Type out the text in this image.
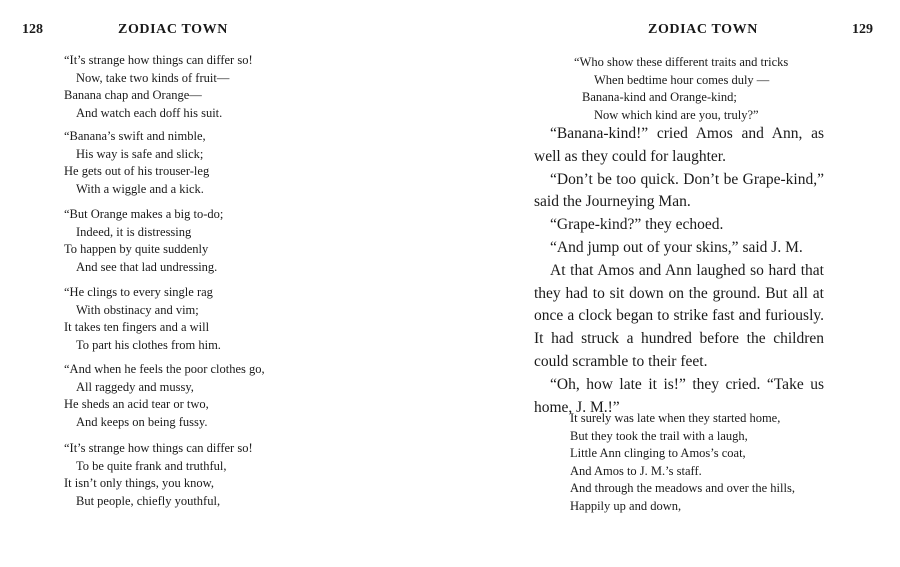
128	ZODIAC TOWN
“It’s strange how things can differ so!
Now, take two kinds of fruit—
Banana chap and Orange—
And watch each doff his suit.
“Banana’s swift and nimble,
His way is safe and slick;
He gets out of his trouser-leg
With a wiggle and a kick.
“But Orange makes a big to-do;
Indeed, it is distressing
To happen by quite suddenly
And see that lad undressing.
“He clings to every single rag
With obstinacy and vim;
It takes ten fingers and a will
To part his clothes from him.
“And when he feels the poor clothes go,
All raggedy and mussy,
He sheds an acid tear or two,
And keeps on being fussy.
“It’s strange how things can differ so!
To be quite frank and truthful,
It isn’t only things, you know,
But people, chiefly youthful,
ZODIAC TOWN	129
“Who show these different traits and tricks
When bedtime hour comes duly —
Banana-kind and Orange-kind;
Now which kind are you, truly?”
“Banana-kind!” cried Amos and Ann, as well as they could for laughter.
“Don’t be too quick. Don’t be Grape-kind,” said the Journeying Man.
“Grape-kind?” they echoed.
“And jump out of your skins,” said J. M.
At that Amos and Ann laughed so hard that they had to sit down on the ground. But all at once a clock began to strike fast and furiously. It had struck a hundred before the children could scramble to their feet.
“Oh, how late it is!” they cried. “Take us home, J. M.!”
It surely was late when they started home,
But they took the trail with a laugh,
Little Ann clinging to Amos’s coat,
And Amos to J. M.’s staff.
And through the meadows and over the hills,
Happily up and down,
